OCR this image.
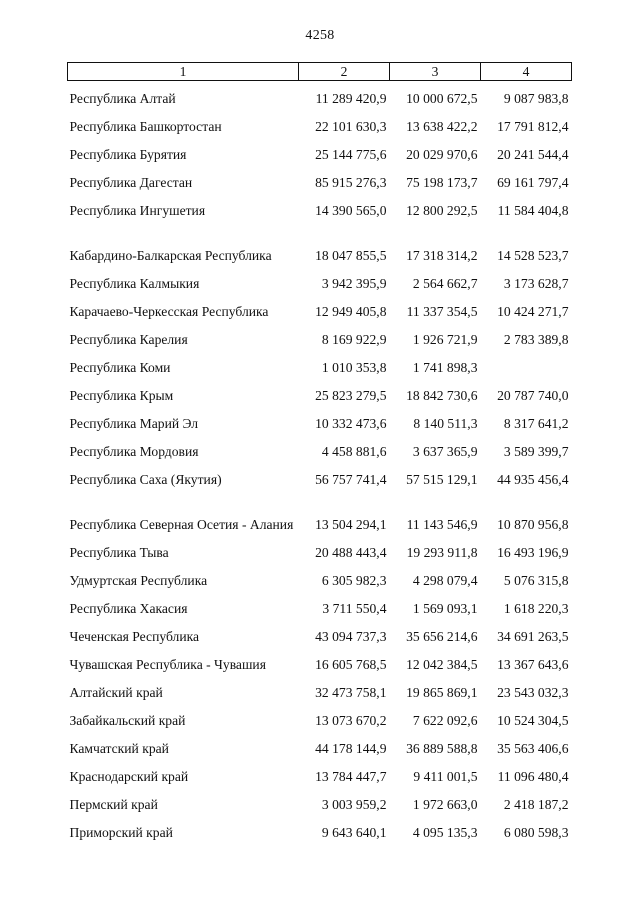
4258
1	2	3	4
Республика Алтай	11 289 420,9	10 000 672,5	9 087 983,8
Республика Башкортостан	22 101 630,3	13 638 422,2	17 791 812,4
Республика Бурятия	25 144 775,6	20 029 970,6	20 241 544,4
Республика Дагестан	85 915 276,3	75 198 173,7	69 161 797,4
Республика Ингушетия	14 390 565,0	12 800 292,5	11 584 404,8
Кабардино-Балкарская Республика	18 047 855,5	17 318 314,2	14 528 523,7
Республика Калмыкия	3 942 395,9	2 564 662,7	3 173 628,7
Карачаево-Черкесская Республика	12 949 405,8	11 337 354,5	10 424 271,7
Республика Карелия	8 169 922,9	1 926 721,9	2 783 389,8
Республика Коми	1 010 353,8	1 741 898,3	
Республика Крым	25 823 279,5	18 842 730,6	20 787 740,0
Республика Марий Эл	10 332 473,6	8 140 511,3	8 317 641,2
Республика Мордовия	4 458 881,6	3 637 365,9	3 589 399,7
Республика Саха (Якутия)	56 757 741,4	57 515 129,1	44 935 456,4
Республика Северная Осетия - Алания	13 504 294,1	11 143 546,9	10 870 956,8
Республика Тыва	20 488 443,4	19 293 911,8	16 493 196,9
Удмуртская Республика	6 305 982,3	4 298 079,4	5 076 315,8
Республика Хакасия	3 711 550,4	1 569 093,1	1 618 220,3
Чеченская Республика	43 094 737,3	35 656 214,6	34 691 263,5
Чувашская Республика - Чувашия	16 605 768,5	12 042 384,5	13 367 643,6
Алтайский край	32 473 758,1	19 865 869,1	23 543 032,3
Забайкальский край	13 073 670,2	7 622 092,6	10 524 304,5
Камчатский край	44 178 144,9	36 889 588,8	35 563 406,6
Краснодарский край	13 784 447,7	9 411 001,5	11 096 480,4
Пермский край	3 003 959,2	1 972 663,0	2 418 187,2
Приморский край	9 643 640,1	4 095 135,3	6 080 598,3
